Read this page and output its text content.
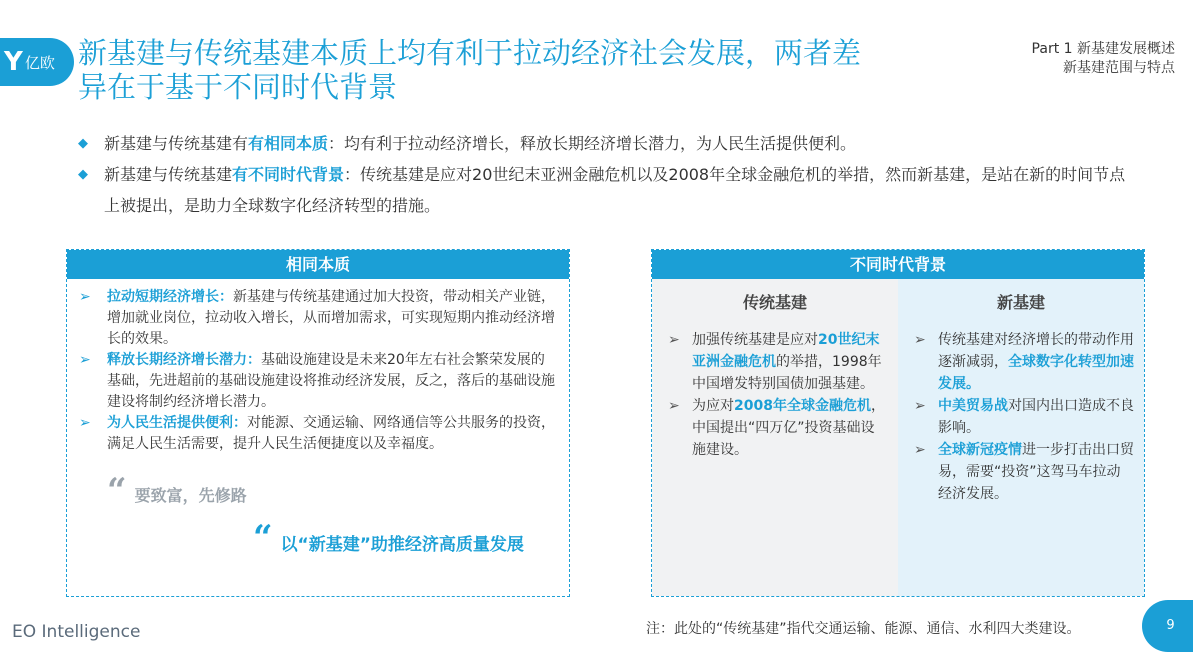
Y 亿欧 新基建与传统基建本质上均有利于拉动经济社会发展，两者差
异在于基于不同时代背景
Part 1 新基建发展概述
新基建范围与特点
◆	新基建与传统基建有有相同本质：均有利于拉动经济增长，释放长期经济增长潜力，为人民生活提供便利。
◆	新基建与传统基建有不同时代背景：传统基建是应对20世纪末亚洲金融危机以及2008年全球金融危机的举措，然而新基建，是站在新的时间节点上被提出，是助力全球数字化经济转型的措施。
相同本质
➢	拉动短期经济增长：新基建与传统基建通过加大投资，带动相关产业链，增加就业岗位，拉动收入增长，从而增加需求，可实现短期内推动经济增长的效果。
➢	释放长期经济增长潜力：基础设施建设是未来20年左右社会繁荣发展的基础，先进超前的基础设施建设将推动经济发展，反之，落后的基础设施建设将制约经济增长潜力。
➢	为人民生活提供便利：对能源、交通运输、网络通信等公共服务的投资，满足人民生活需要，提升人民生活便捷度以及幸福度。
“ 要致富，先修路
“ 以“新基建”助推经济高质量发展
不同时代背景
传统基建
➢ 加强传统基建是应对20世纪末亚洲金融危机的举措，1998年中国增发特别国债加强基建。
➢ 为应对2008年全球金融危机，中国提出“四万亿”投资基础设施建设。
新基建
➢ 传统基建对经济增长的带动作用逐渐减弱，全球数字化转型加速发展。
➢ 中美贸易战对国内出口造成不良影响。
➢ 全球新冠疫情进一步打击出口贸易，需要“投资”这驾马车拉动经济发展。
注：此处的“传统基建”指代交通运输、能源、通信、水利四大类建设。
EO Intelligence	9
